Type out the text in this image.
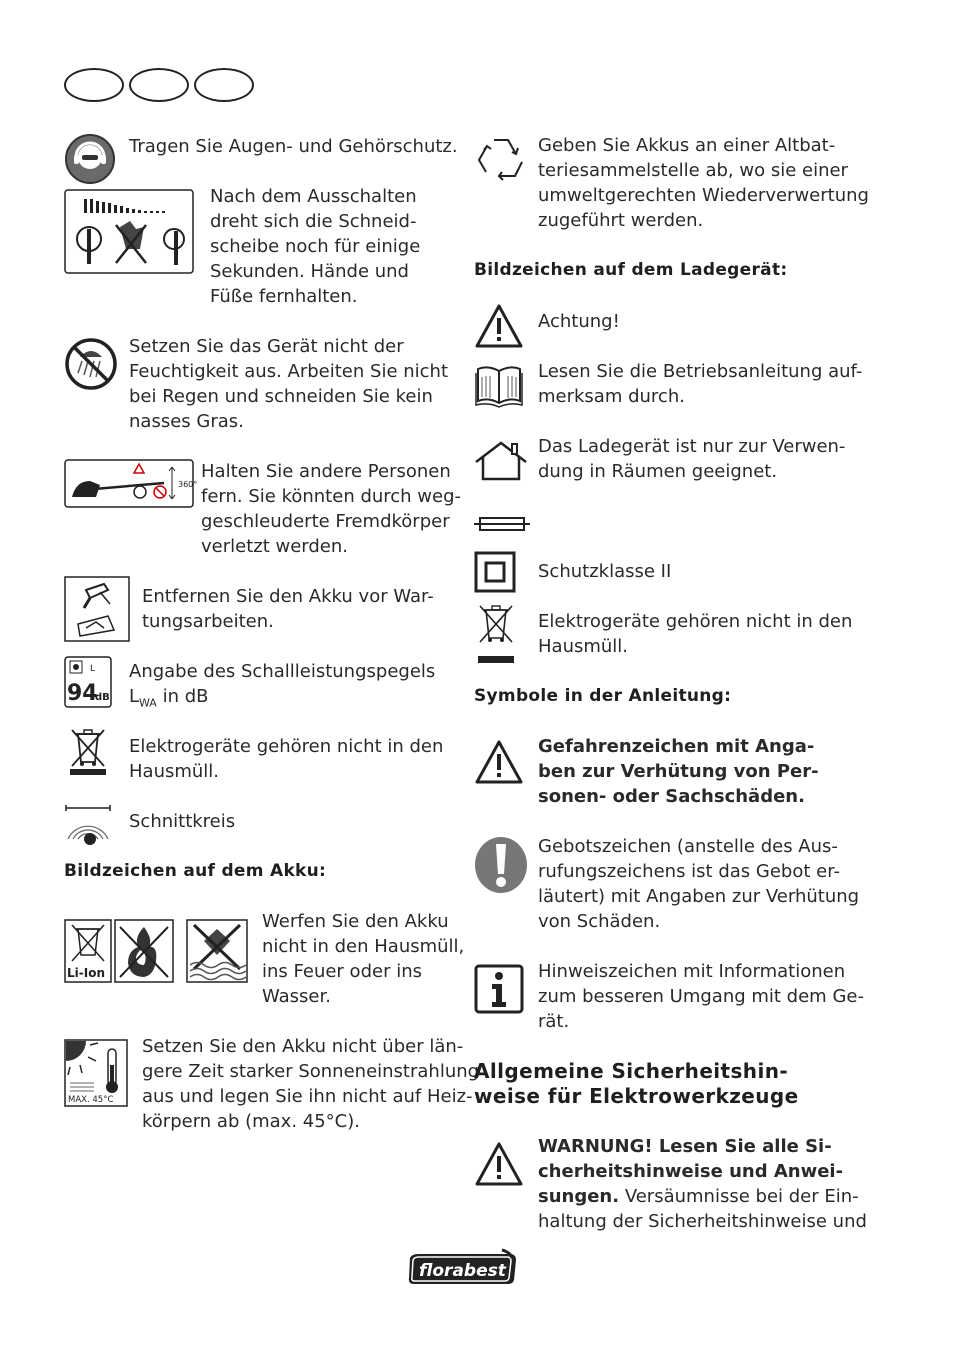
Tragen Sie Augen- und Gehörschutz.
Nach dem Ausschalten
dreht sich die Schneid-
scheibe noch für einige
Sekunden. Hände und
Füße fernhalten.
Setzen Sie das Gerät nicht der
Feuchtigkeit aus. Arbeiten Sie nicht
bei Regen und schneiden Sie kein
nasses Gras.
360°
Halten Sie andere Personen
fern. Sie könnten durch weg-
geschleuderte Fremdkörper
verletzt werden.
Entfernen Sie den Akku vor War-
tungsarbeiten.
L
94
dB
Angabe des Schallleistungspegels
$L_{WA}$ in dB
Elektrogeräte gehören nicht in den
Hausmüll.
Schnittkreis
Bildzeichen auf dem Akku:
Li-Ion
Werfen Sie den Akku
nicht in den Hausmüll,
ins Feuer oder ins
Wasser.
MAX. 45°C
Setzen Sie den Akku nicht über län-
gere Zeit starker Sonneneinstrahlung
aus und legen Sie ihn nicht auf Heiz-
körpern ab (max. 45°C).
Geben Sie Akkus an einer Altbat-
teriesammelstelle ab, wo sie einer
umweltgerechten Wiederverwertung
zugeführt werden.
Bildzeichen auf dem Ladegerät:
Achtung!
Lesen Sie die Betriebsanleitung auf-
merksam durch.
Das Ladegerät ist nur zur Verwen-
dung in Räumen geeignet.
Schutzklasse II
Elektrogeräte gehören nicht in den
Hausmüll.
Symbole in der Anleitung:
Gefahrenzeichen mit Anga-
ben zur Verhütung von Per-
sonen- oder Sachschäden.
Gebotszeichen (anstelle des Aus-
rufungszeichens ist das Gebot er-
läutert) mit Angaben zur Verhütung
von Schäden.
Hinweiszeichen mit Informationen
zum besseren Umgang mit dem Ge-
rät.
Allgemeine Sicherheitshin-
weise für Elektrowerkzeuge
WARNUNG! Lesen Sie alle Si-
cherheitshinweise und Anwei-
sungen. Versäumnisse bei der Ein-
haltung der Sicherheitshinweise und
florabest
